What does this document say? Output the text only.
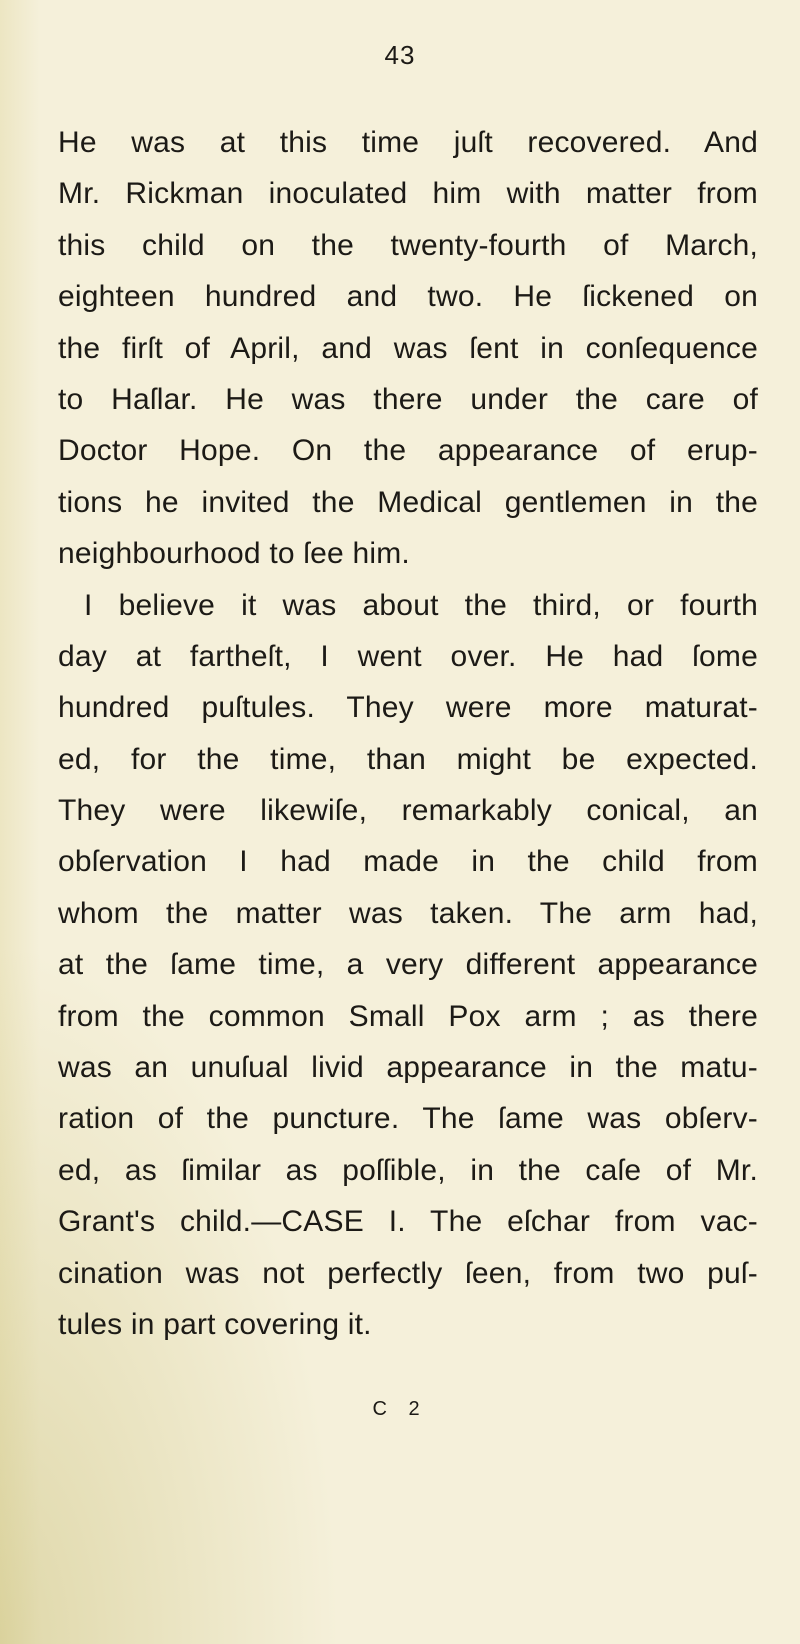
43
He was at this time juſt recovered. And
Mr. Rickman inoculated him with matter from
this child on the twenty-fourth of March,
eighteen hundred and two. He ſickened on
the firſt of April, and was ſent in conſequence
to Haſlar. He was there under the care of
Doctor Hope. On the appearance of erup-
tions he invited the Medical gentlemen in the
neighbourhood to ſee him.
I believe it was about the third, or fourth
day at fartheſt, I went over. He had ſome
hundred puſtules. They were more maturat-
ed, for the time, than might be expected.
They were likewiſe, remarkably conical, an
obſervation I had made in the child from
whom the matter was taken. The arm had,
at the ſame time, a very different appearance
from the common Small Pox arm ; as there
was an unuſual livid appearance in the matu-
ration of the puncture. The ſame was obſerv-
ed, as ſimilar as poſſible, in the caſe of Mr.
Grant's child.—CASE I. The eſchar from vac-
cination was not perfectly ſeen, from two puſ-
tules in part covering it.
C 2
